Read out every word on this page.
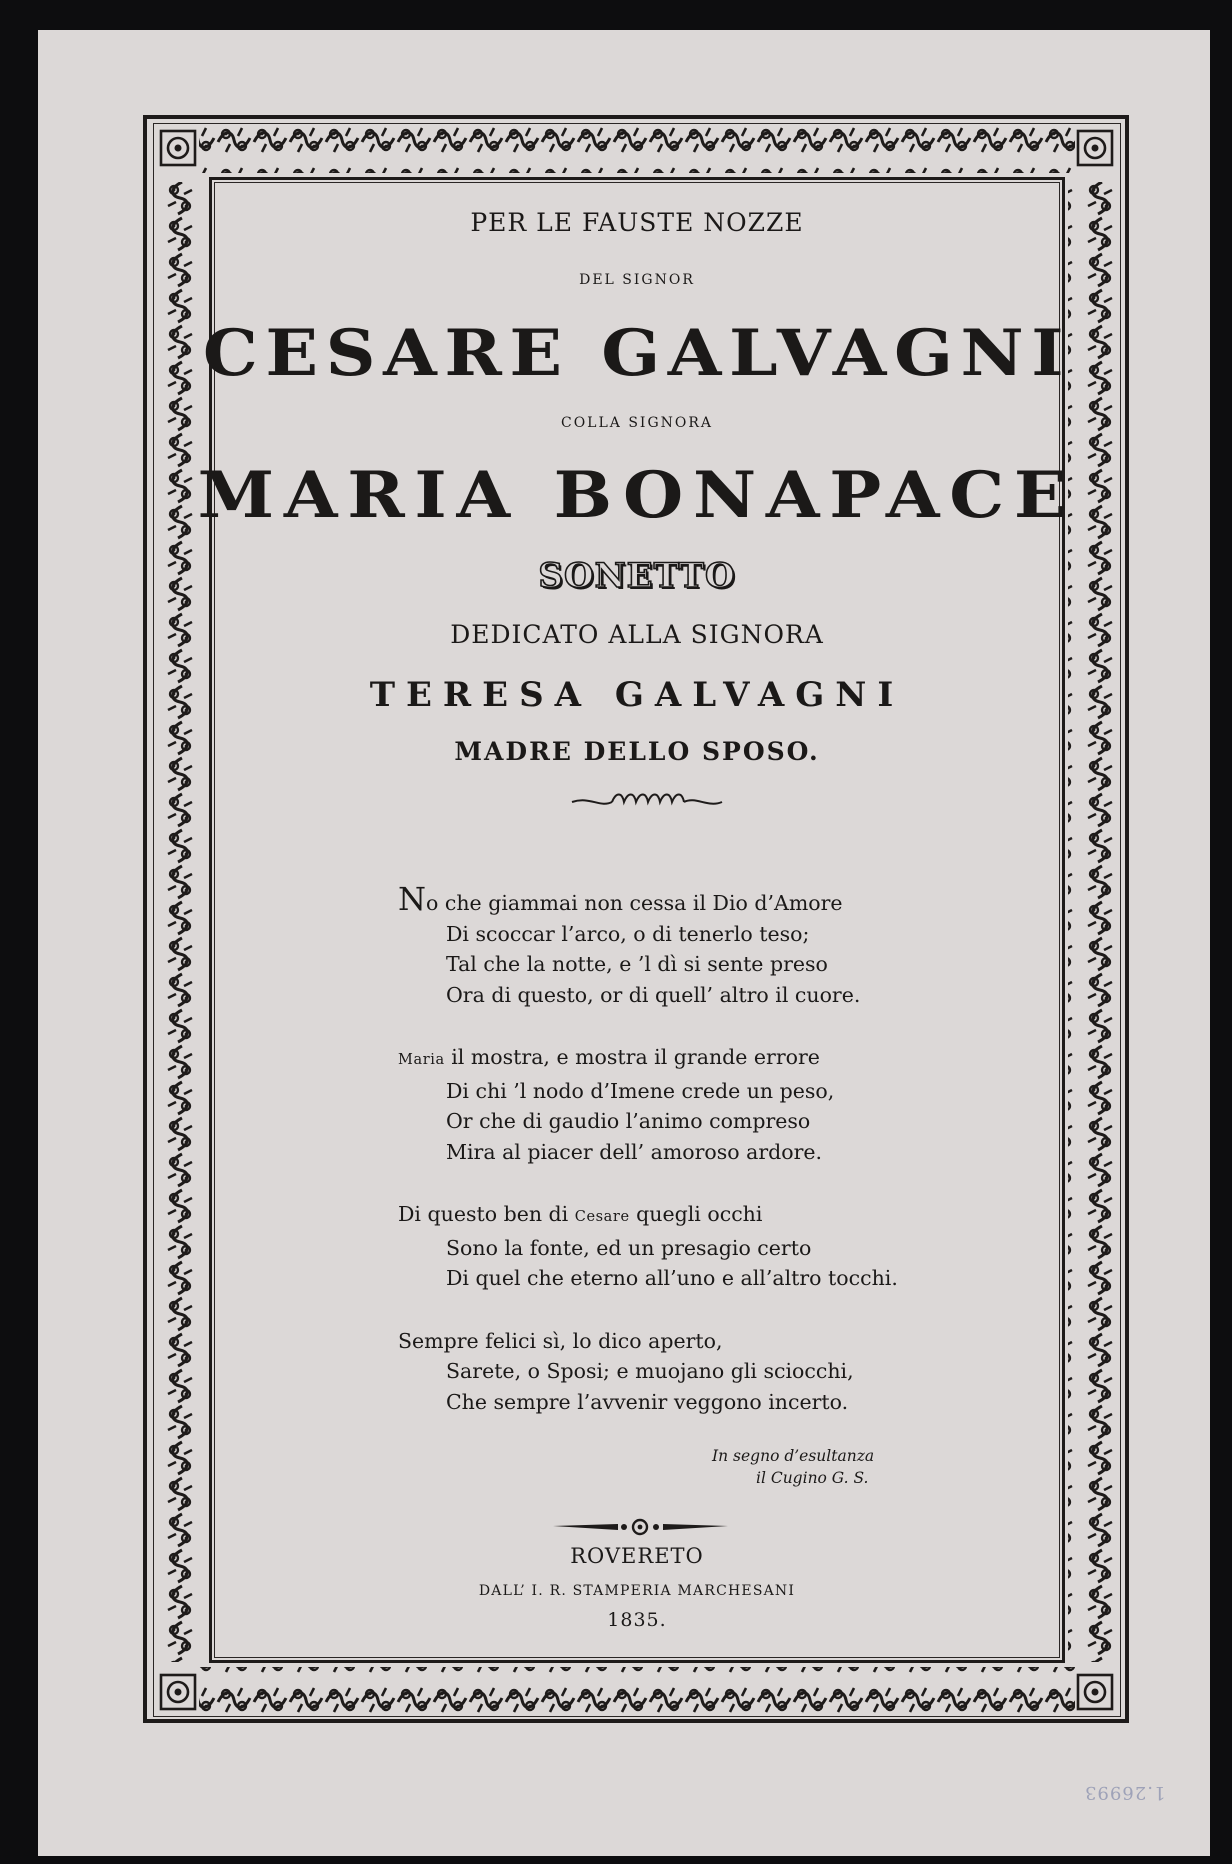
PER LE FAUSTE NOZZE

DEL SIGNOR

CESARE GALVAGNI

COLLA SIGNORA

MARIA BONAPACE

SONETTO

DEDICATO ALLA SIGNORA

TERESA GALVAGNI

MADRE DELLO SPOSO.

No che giammai non cessa il Dio d’Amore
Di scoccar l’arco, o di tenerlo teso;
Tal che la notte, e ’l dì si sente preso
Ora di questo, or di quell’ altro il cuore.
Maria il mostra, e mostra il grande errore
Di chi ’l nodo d’Imene crede un peso,
Or che di gaudio l’animo compreso
Mira al piacer dell’ amoroso ardore.
Di questo ben di Cesare quegli occhi
Sono la fonte, ed un presagio certo
Di quel che eterno all’uno e all’altro tocchi.
Sempre felici sì, lo dico aperto,
Sarete, o Sposi; e muojano gli sciocchi,
Che sempre l’avvenir veggono incerto.
In segno d’esultanza
il Cugino G. S.

ROVERETO

DALL’ I. R. STAMPERIA MARCHESANI

1835.

1.26993
